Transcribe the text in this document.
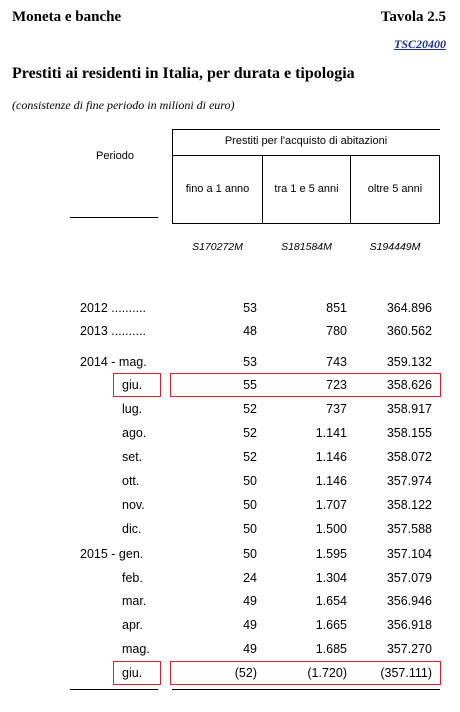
Moneta e banche	Tavola 2.5
TSC20400
Prestiti ai residenti in Italia, per durata e tipologia
(consistenze di fine periodo in milioni di euro)
Periodo
Prestiti per l'acquisto di abitazioni
fino a 1 anno	tra 1 e 5 anni	oltre 5 anni
S170272M	S181584M	S194449M
2012 ..........	53	851	364.896
2013 ..........	48	780	360.562
2014 - mag.	53	743	359.132
giu.	55	723	358.626
lug.	52	737	358.917
ago.	52	1.141	358.155
set.	52	1.146	358.072
ott.	50	1.146	357.974
nov.	50	1.707	358.122
dic.	50	1.500	357.588
2015 - gen.	50	1.595	357.104
feb.	24	1.304	357.079
mar.	49	1.654	356.946
apr.	49	1.665	356.918
mag.	49	1.685	357.270
giu.	(52)	(1.720)	(357.111)
